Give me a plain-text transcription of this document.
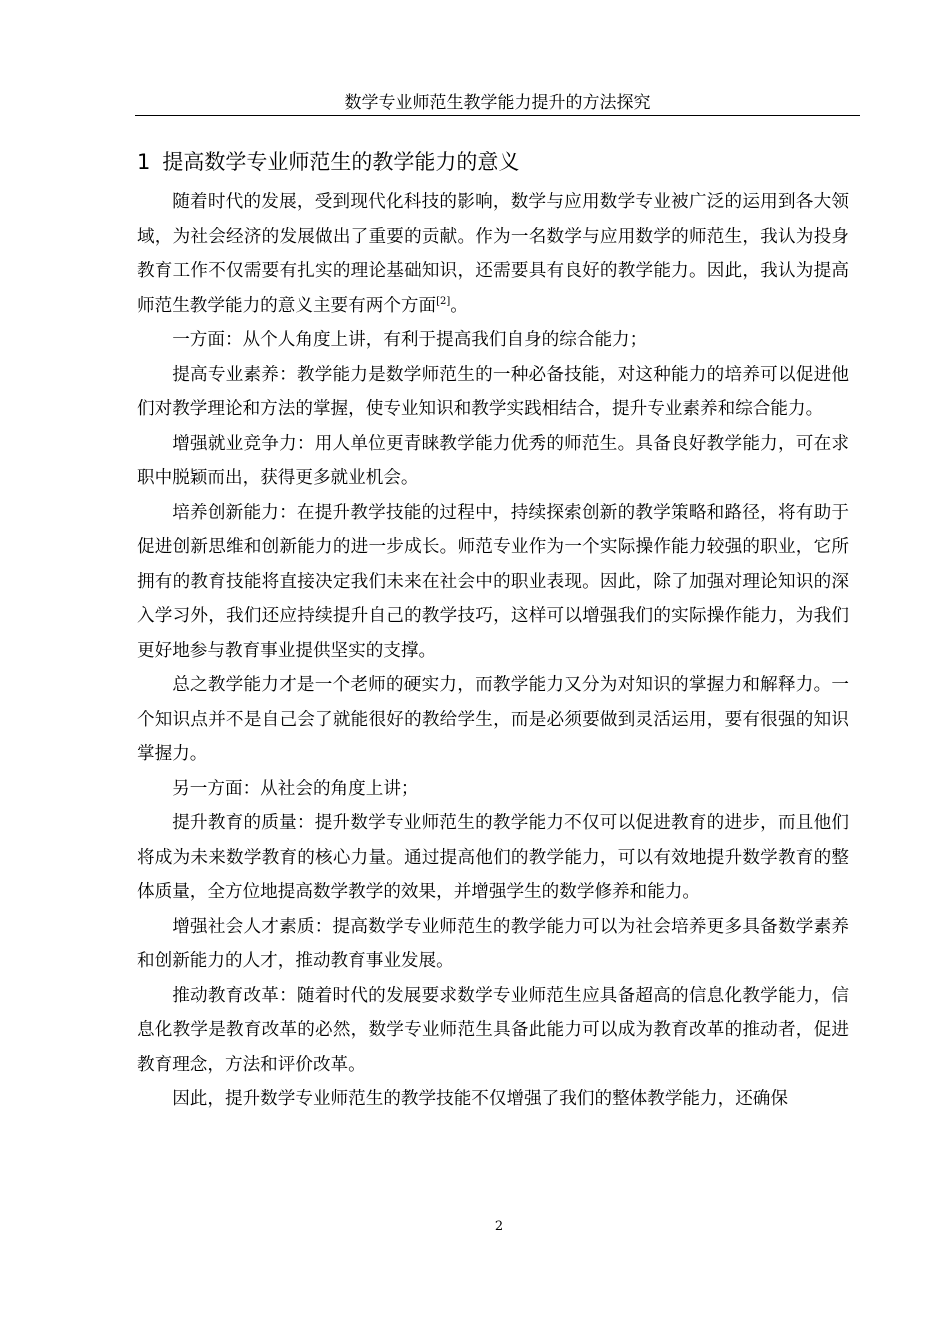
数学专业师范生教学能力提升的方法探究
1 提高数学专业师范生的教学能力的意义

随着时代的发展，受到现代化科技的影响，数学与应用数学专业被广泛的运用到各大领域，为社会经济的发展做出了重要的贡献。作为一名数学与应用数学的师范生，我认为投身教育工作不仅需要有扎实的理论基础知识，还需要具有良好的教学能力。因此，我认为提高师范生教学能力的意义主要有两个方面[2]。

一方面：从个人角度上讲，有利于提高我们自身的综合能力；

提高专业素养：教学能力是数学师范生的一种必备技能，对这种能力的培养可以促进他们对教学理论和方法的掌握，使专业知识和教学实践相结合，提升专业素养和综合能力。

增强就业竞争力：用人单位更青睐教学能力优秀的师范生。具备良好教学能力，可在求职中脱颖而出，获得更多就业机会。

培养创新能力：在提升教学技能的过程中，持续探索创新的教学策略和路径，将有助于促进创新思维和创新能力的进一步成长。师范专业作为一个实际操作能力较强的职业，它所拥有的教育技能将直接决定我们未来在社会中的职业表现。因此，除了加强对理论知识的深入学习外，我们还应持续提升自己的教学技巧，这样可以增强我们的实际操作能力，为我们更好地参与教育事业提供坚实的支撑。

总之教学能力才是一个老师的硬实力，而教学能力又分为对知识的掌握力和解释力。一个知识点并不是自己会了就能很好的教给学生，而是必须要做到灵活运用，要有很强的知识掌握力。

另一方面：从社会的角度上讲；

提升教育的质量：提升数学专业师范生的教学能力不仅可以促进教育的进步，而且他们将成为未来数学教育的核心力量。通过提高他们的教学能力，可以有效地提升数学教育的整体质量，全方位地提高数学教学的效果，并增强学生的数学修养和能力。

增强社会人才素质：提高数学专业师范生的教学能力可以为社会培养更多具备数学素养和创新能力的人才，推动教育事业发展。

推动教育改革：随着时代的发展要求数学专业师范生应具备超高的信息化教学能力，信息化教学是教育改革的必然，数学专业师范生具备此能力可以成为教育改革的推动者，促进教育理念，方法和评价改革。

因此，提升数学专业师范生的教学技能不仅增强了我们的整体教学能力，还确保

2
